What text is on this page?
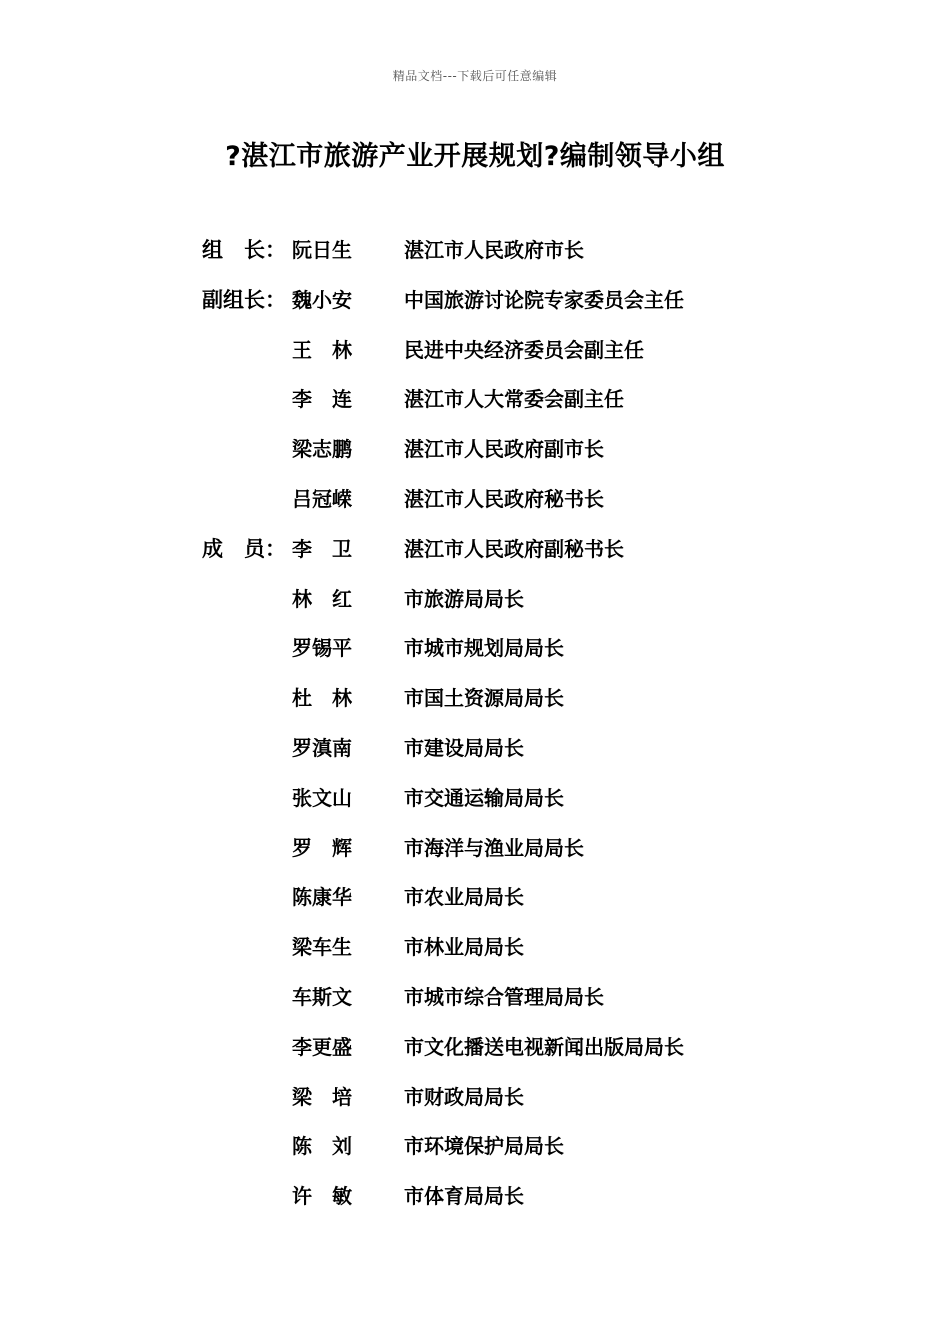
精品文档---下载后可任意编辑
?湛江市旅游产业开展规划?编制领导小组
组　长： 阮日生	湛江市人民政府市长
副组长： 魏小安	中国旅游讨论院专家委员会主任
王　林	民进中央经济委员会副主任
李　连	湛江市人大常委会副主任
梁志鹏	湛江市人民政府副市长
吕冠嵘	湛江市人民政府秘书长
成　员： 李　卫	湛江市人民政府副秘书长
林　红	市旅游局局长
罗锡平	市城市规划局局长
杜　林	市国土资源局局长
罗滇南	市建设局局长
张文山	市交通运输局局长
罗　辉	市海洋与渔业局局长
陈康华	市农业局局长
梁车生	市林业局局长
车斯文	市城市综合管理局局长
李更盛	市文化播送电视新闻出版局局长
梁　培	市财政局局长
陈　刘	市环境保护局局长
许　敏	市体育局局长
